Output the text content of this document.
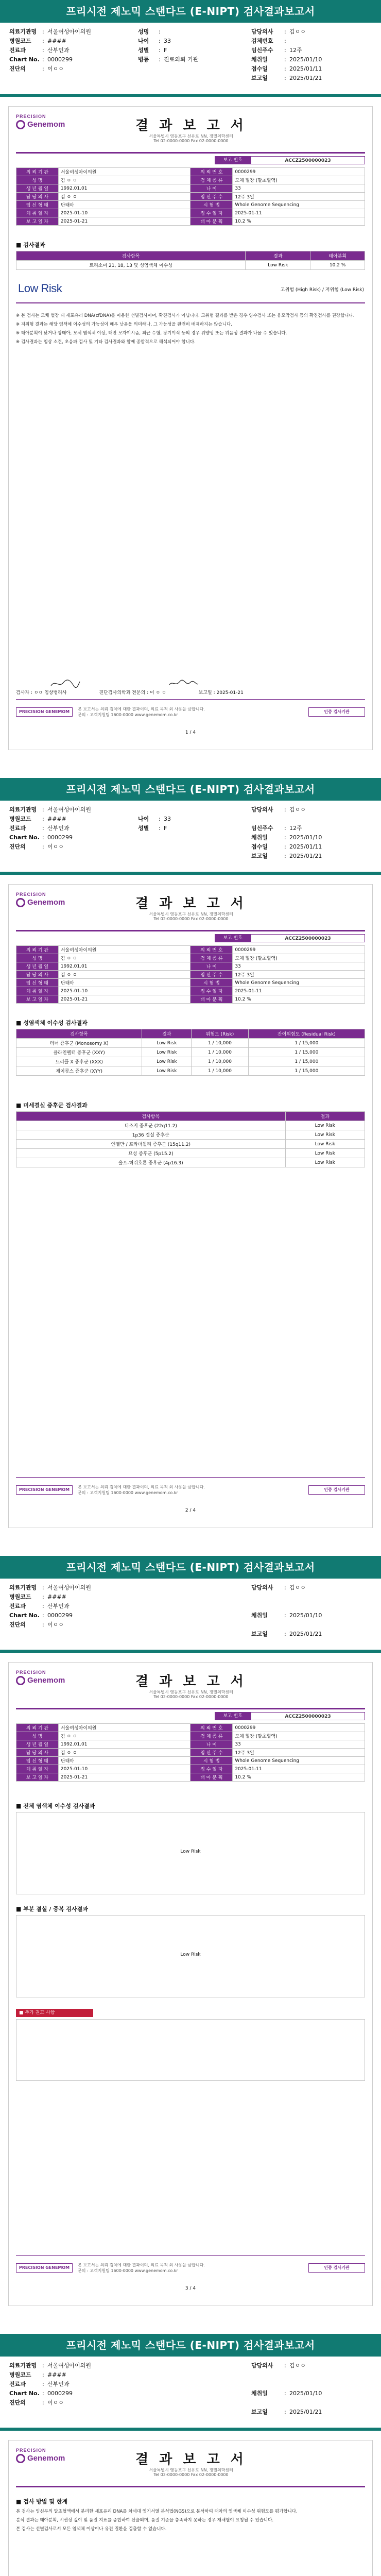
프리시전 제노믹 스탠다드 (E-NIPT) 검사결과보고서
의료기관명 : 서울여성아이의원
병원코드 : ####
진료과	: 산부인과
Chart No. : 0000299
진단의	: 이ㅇㅇ
성명 :
나이 : 33
성별 : F
병동 : 진료의뢰 기관
담당의사 : 김ㅇㅇ
검체번호 :
임신주수 : 12주
채취일	: 2025/01/10
접수일	: 2025/01/11
보고일	: 2025/01/21
PRECISION
Genemom	결 과 보 고 서
서울특별시 영등포구 선유로 NN, 정밀의학센터
Tel 02-0000-0000 Fax 02-0000-0000
보고 번호	ACCZ2500000023
의 뢰 기 관	서울여성아이의원	의 뢰 번 호	0000299
성 명	김 ㅇ ㅇ	검 체 종 류	모체 혈장 (말초혈액)
생 년 월 일	1992.01.01	나 이	33
담 당 의 사	김 ㅇ ㅇ	임 신 주 수	12주 3일
임 신 형 태	단태아	시 험 법	Whole Genome Sequencing
채 취 일 자	2025-01-10	접 수 일 자	2025-01-11
보 고 일 자	2025-01-21	태 아 분 획	10.2 %
■ 검사결과
검사항목	결과	태아분획
트리소미 21, 18, 13 및 성염색체 이수성	Low Risk	10.2 %
Low Risk	고위험 (High Risk) / 저위험 (Low Risk)

※ 본 검사는 모체 혈장 내 세포유리 DNA(cfDNA)를 이용한 선별검사이며, 확진검사가 아닙니다. 고위험 결과를 받은 경우 양수검사 또는 융모막검사 등의 확진검사를 권장합니다.

※ 저위험 결과는 해당 염색체 이수성의 가능성이 매우 낮음을 의미하나, 그 가능성을 완전히 배제하지는 않습니다.

※ 태아분획이 낮거나 쌍태아, 모체 염색체 이상, 태반 모자이시즘, 최근 수혈, 장기이식 등의 경우 위양성 또는 위음성 결과가 나올 수 있습니다.

※ 검사결과는 임상 소견, 초음파 검사 및 기타 검사결과와 함께 종합적으로 해석되어야 합니다.

검사자 : ㅇㅇ 임상병리사	진단검사의학과 전문의 : 이 ㅇ ㅇ	보고일 : 2025-01-21
PRECISION GENEMOM
본 보고서는 의뢰 검체에 대한 결과이며, 의료 목적 외 사용을 금합니다.
문의 : 고객지원팀 1600-0000 www.genemom.co.kr
인증 검사기관
1 / 4
프리시전 제노믹 스탠다드 (E-NIPT) 검사결과보고서
의료기관명 : 서울여성아이의원
병원코드 : ####
진료과	: 산부인과
Chart No. : 0000299
진단의	: 이ㅇㅇ
나이 : 33
성별 : F
담당의사 : 김ㅇㅇ
임신주수 : 12주
채취일	: 2025/01/10
접수일	: 2025/01/11
보고일	: 2025/01/21
PRECISION
Genemom	결 과 보 고 서
서울특별시 영등포구 선유로 NN, 정밀의학센터
Tel 02-0000-0000 Fax 02-0000-0000
보고 번호	ACCZ2500000023
의 뢰 기 관	서울여성아이의원	의 뢰 번 호	0000299
성 명	김 ㅇ ㅇ	검 체 종 류	모체 혈장 (말초혈액)
생 년 월 일	1992.01.01	나 이	33
담 당 의 사	김 ㅇ ㅇ	임 신 주 수	12주 3일
임 신 형 태	단태아	시 험 법	Whole Genome Sequencing
채 취 일 자	2025-01-10	접 수 일 자	2025-01-11
보 고 일 자	2025-01-21	태 아 분 획	10.2 %
■ 성염색체 이수성 검사결과
검사항목	결과	위험도 (Risk)	잔여위험도 (Residual Risk)
터너 증후군 (Monosomy X)	Low Risk	1 / 10,000	1 / 15,000
클라인펠터 증후군 (XXY)	Low Risk	1 / 10,000	1 / 15,000
트리플 X 증후군 (XXX)	Low Risk	1 / 10,000	1 / 15,000
제이콥스 증후군 (XYY)	Low Risk	1 / 10,000	1 / 15,000
■ 미세결실 증후군 검사결과
검사항목	결과
디조지 증후군 (22q11.2)	Low Risk
1p36 결실 증후군	Low Risk
엔젤만 / 프라더윌리 증후군 (15q11.2)	Low Risk
묘성 증후군 (5p15.2)	Low Risk
울프-허쉬호른 증후군 (4p16.3)	Low Risk
PRECISION GENEMOM
본 보고서는 의뢰 검체에 대한 결과이며, 의료 목적 외 사용을 금합니다.
문의 : 고객지원팀 1600-0000 www.genemom.co.kr
인증 검사기관
2 / 4
프리시전 제노믹 스탠다드 (E-NIPT) 검사결과보고서
의료기관명 : 서울여성아이의원
병원코드 : ####
진료과	: 산부인과
Chart No. : 0000299
진단의	: 이ㅇㅇ
담당의사 : 김ㅇㅇ
채취일	: 2025/01/10
보고일	: 2025/01/21
PRECISION
Genemom	결 과 보 고 서
서울특별시 영등포구 선유로 NN, 정밀의학센터
Tel 02-0000-0000 Fax 02-0000-0000
보고 번호	ACCZ2500000023
의 뢰 기 관	서울여성아이의원	의 뢰 번 호	0000299
성 명	김 ㅇ ㅇ	검 체 종 류	모체 혈장 (말초혈액)
생 년 월 일	1992.01.01	나 이	33
담 당 의 사	김 ㅇ ㅇ	임 신 주 수	12주 3일
임 신 형 태	단태아	시 험 법	Whole Genome Sequencing
채 취 일 자	2025-01-10	접 수 일 자	2025-01-11
보 고 일 자	2025-01-21	태 아 분 획	10.2 %
■ 전체 염색체 이수성 검사결과
Low Risk
■ 부분 결실 / 중복 검사결과
Low Risk
■ 추가 권고 사항
PRECISION GENEMOM
본 보고서는 의뢰 검체에 대한 결과이며, 의료 목적 외 사용을 금합니다.
문의 : 고객지원팀 1600-0000 www.genemom.co.kr
인증 검사기관
3 / 4
프리시전 제노믹 스탠다드 (E-NIPT) 검사결과보고서
의료기관명 : 서울여성아이의원
병원코드 : ####
진료과	: 산부인과
Chart No. : 0000299
진단의	: 이ㅇㅇ
담당의사 : 김ㅇㅇ
채취일	: 2025/01/10
보고일	: 2025/01/21
PRECISION
Genemom	결 과 보 고 서
서울특별시 영등포구 선유로 NN, 정밀의학센터
Tel 02-0000-0000 Fax 02-0000-0000
■ 검사 방법 및 한계

본 검사는 임신부의 말초혈액에서 분리한 세포유리 DNA를 차세대 염기서열 분석법(NGS)으로 분석하여 태아의 염색체 이수성 위험도를 평가합니다.

분석 결과는 태아분획, 시퀀싱 깊이 및 품질 지표를 종합하여 산출되며, 품질 기준을 충족하지 못하는 경우 재채혈이 요청될 수 있습니다.

본 검사는 선별검사로서 모든 염색체 이상이나 유전 질환을 검출할 수 없습니다.
